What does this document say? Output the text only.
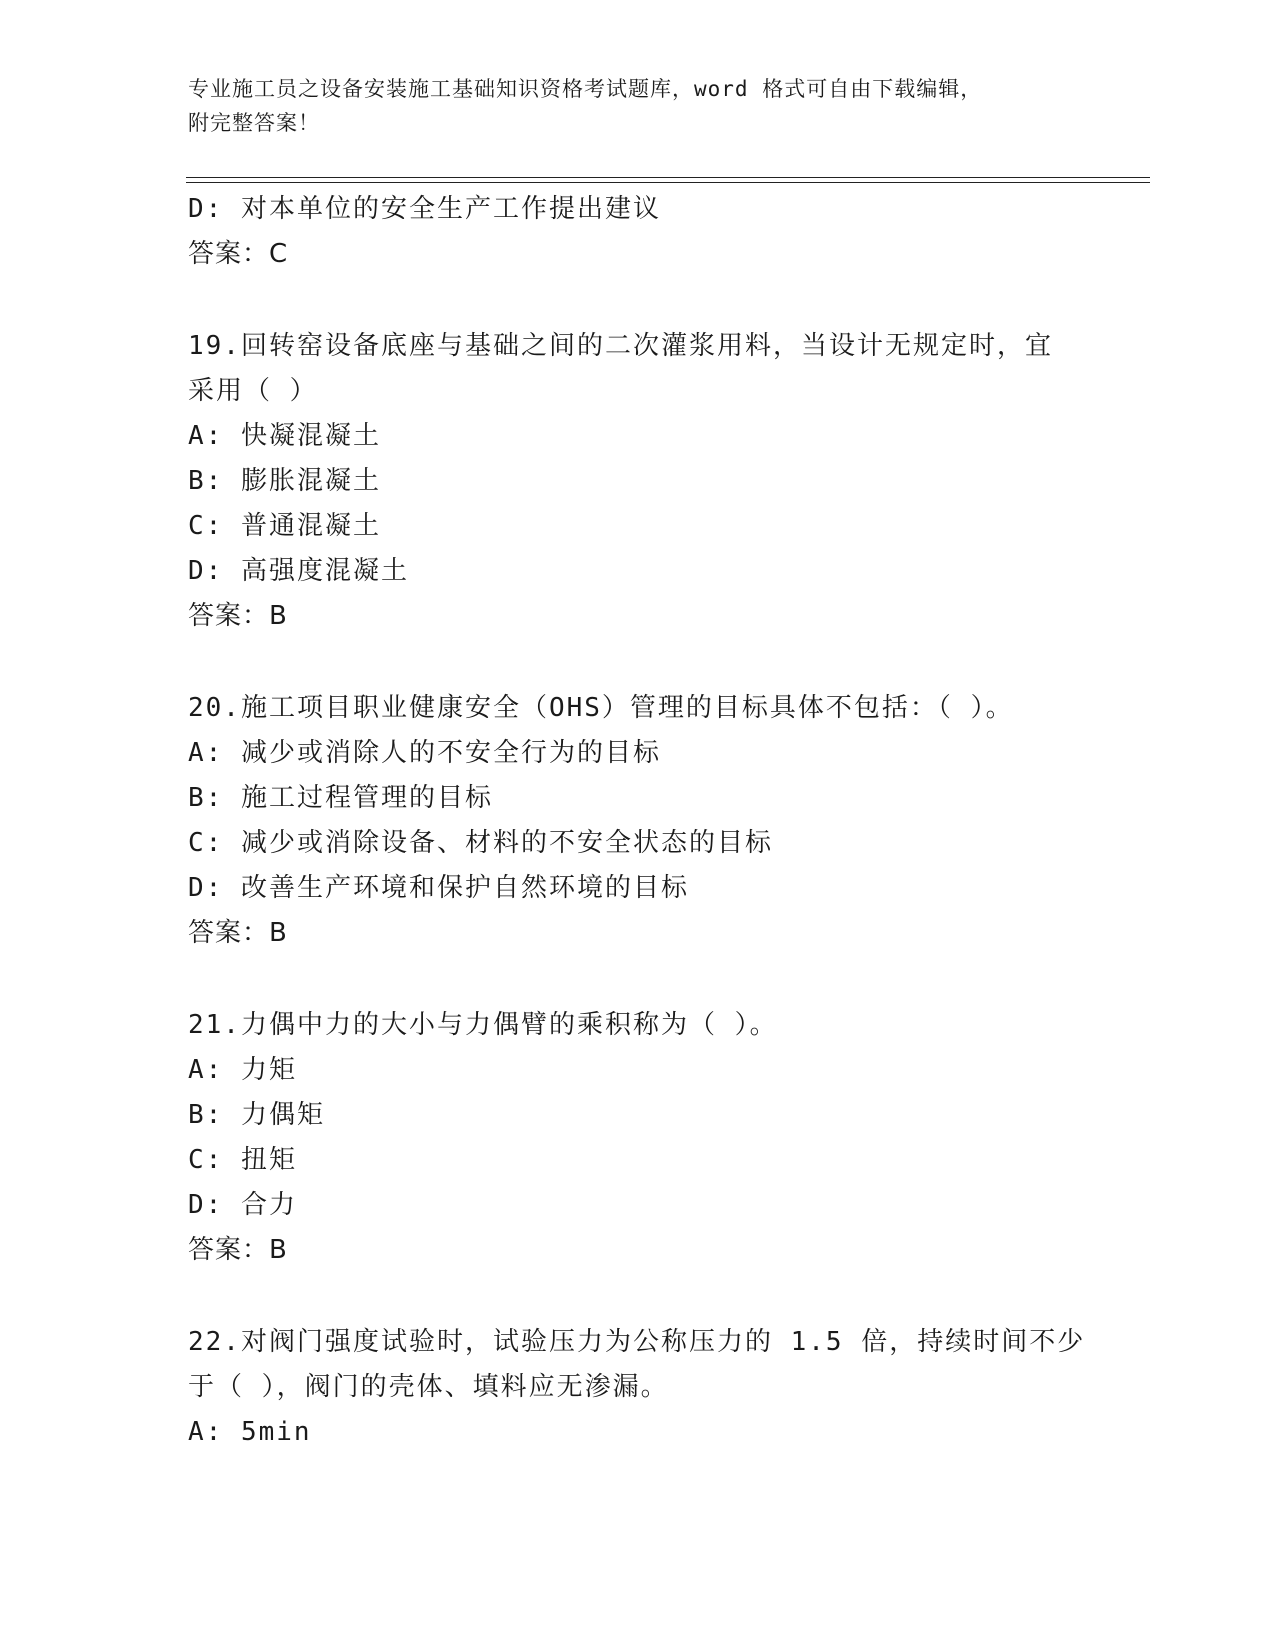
专业施工员之设备安装施工基础知识资格考试题库，word 格式可自由下载编辑，
附完整答案！
D: 对本单位的安全生产工作提出建议
答案：C
19.回转窑设备底座与基础之间的二次灌浆用料，当设计无规定时，宜
采用（ ）
A: 快凝混凝土
B: 膨胀混凝土
C: 普通混凝土
D: 高强度混凝土
答案：B
20.施工项目职业健康安全（OHS）管理的目标具体不包括：（ ）。
A: 减少或消除人的不安全行为的目标
B: 施工过程管理的目标
C: 减少或消除设备、材料的不安全状态的目标
D: 改善生产环境和保护自然环境的目标
答案：B
21.力偶中力的大小与力偶臂的乘积称为（ ）。
A: 力矩
B: 力偶矩
C: 扭矩
D: 合力
答案：B
22.对阀门强度试验时，试验压力为公称压力的 1.5 倍，持续时间不少
于（ ），阀门的壳体、填料应无渗漏。
A: 5min
